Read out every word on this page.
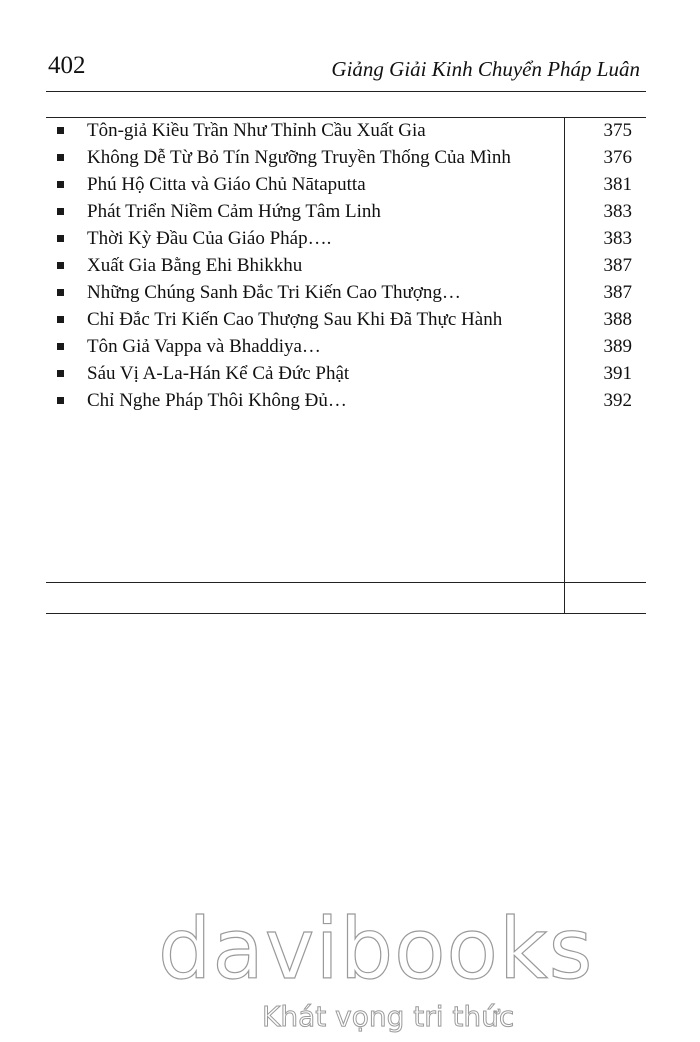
402	Giảng Giải Kinh Chuyển Pháp Luân
Tôn-giả Kiều Trần Như Thỉnh Cầu Xuất Gia	375
Không Dễ Từ Bỏ Tín Ngưỡng Truyền Thống Của Mình	376
Phú Hộ Citta và Giáo Chủ Nātaputta	381
Phát Triển Niềm Cảm Hứng Tâm Linh	383
Thời Kỳ Đầu Của Giáo Pháp….	383
Xuất Gia Bằng Ehi Bhikkhu	387
Những Chúng Sanh Đắc Tri Kiến Cao Thượng…	387
Chỉ Đắc Tri Kiến Cao Thượng Sau Khi Đã Thực Hành	388
Tôn Giả Vappa và Bhaddiya…	389
Sáu Vị A-La-Hán Kể Cả Đức Phật	391
Chỉ Nghe Pháp Thôi Không Đủ…	392
davibooks
Khát vọng tri thức
